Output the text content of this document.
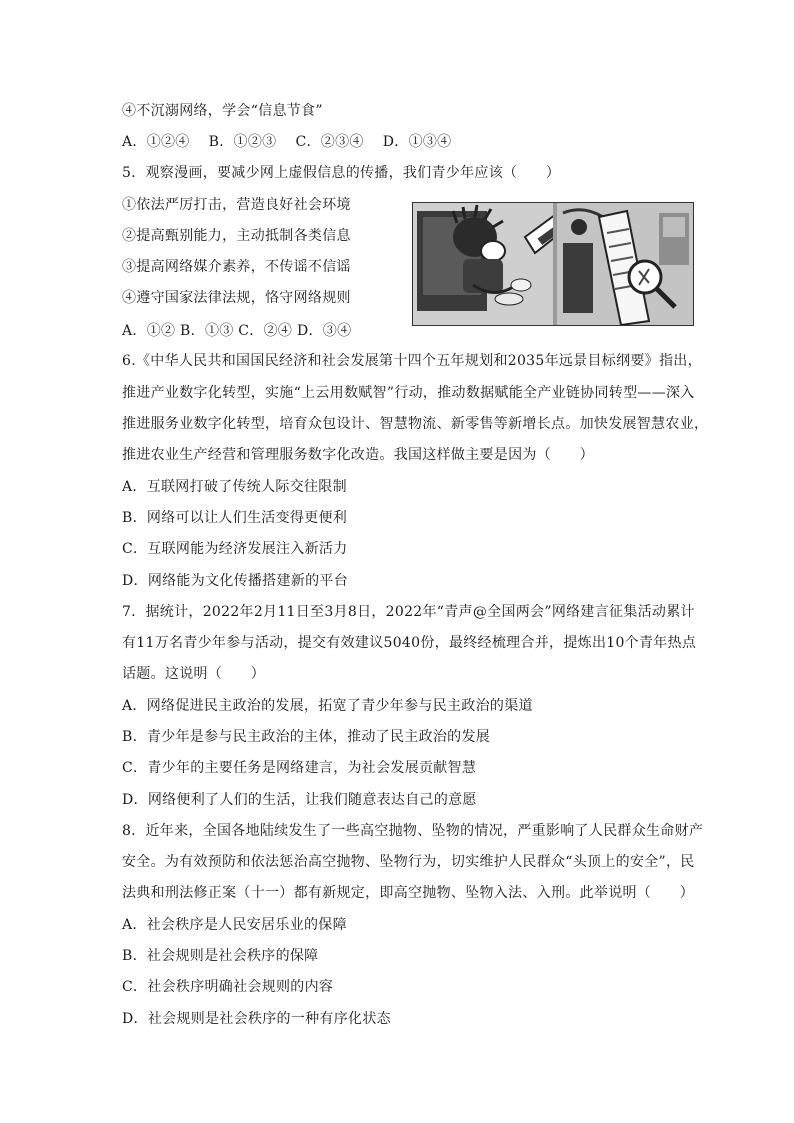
④不沉溺网络，学会“信息节食”
A．①②④　 B．①②③　 C．②③④　 D．①③④
5．观察漫画，要减少网上虚假信息的传播，我们青少年应该（　　）
①依法严厉打击，营造良好社会环境
②提高甄别能力，主动抵制各类信息
③提高网络媒介素养，不传谣不信谣
④遵守国家法律法规，恪守网络规则
A．①② B．①③ C．②④ D．③④
6.《中华人民共和国国民经济和社会发展第十四个五年规划和2035年远景目标纲要》指出，
推进产业数字化转型，实施“上云用数赋智”行动，推动数据赋能全产业链协同转型——深入
推进服务业数字化转型，培育众包设计、智慧物流、新零售等新增长点。加快发展智慧农业，
推进农业生产经营和管理服务数字化改造。我国这样做主要是因为（　　）
A．互联网打破了传统人际交往限制
B．网络可以让人们生活变得更便利
C．互联网能为经济发展注入新活力
D．网络能为文化传播搭建新的平台
7．据统计，2022年2月11日至3月8日，2022年“青声@全国两会”网络建言征集活动累计
有11万名青少年参与活动，提交有效建议5040份，最终经梳理合并，提炼出10个青年热点
话题。这说明（　　）
A．网络促进民主政治的发展，拓宽了青少年参与民主政治的渠道
B．青少年是参与民主政治的主体，推动了民主政治的发展
C．青少年的主要任务是网络建言，为社会发展贡献智慧
D．网络便利了人们的生活，让我们随意表达自己的意愿
8．近年来，全国各地陆续发生了一些高空抛物、坠物的情况，严重影响了人民群众生命财产
安全。为有效预防和依法惩治高空抛物、坠物行为，切实维护人民群众“头顶上的安全”，民
法典和刑法修正案（十一）都有新规定，即高空抛物、坠物入法、入刑。此举说明（　　）
A．社会秩序是人民安居乐业的保障
B．社会规则是社会秩序的保障
C．社会秩序明确社会规则的内容
D．社会规则是社会秩序的一种有序化状态
